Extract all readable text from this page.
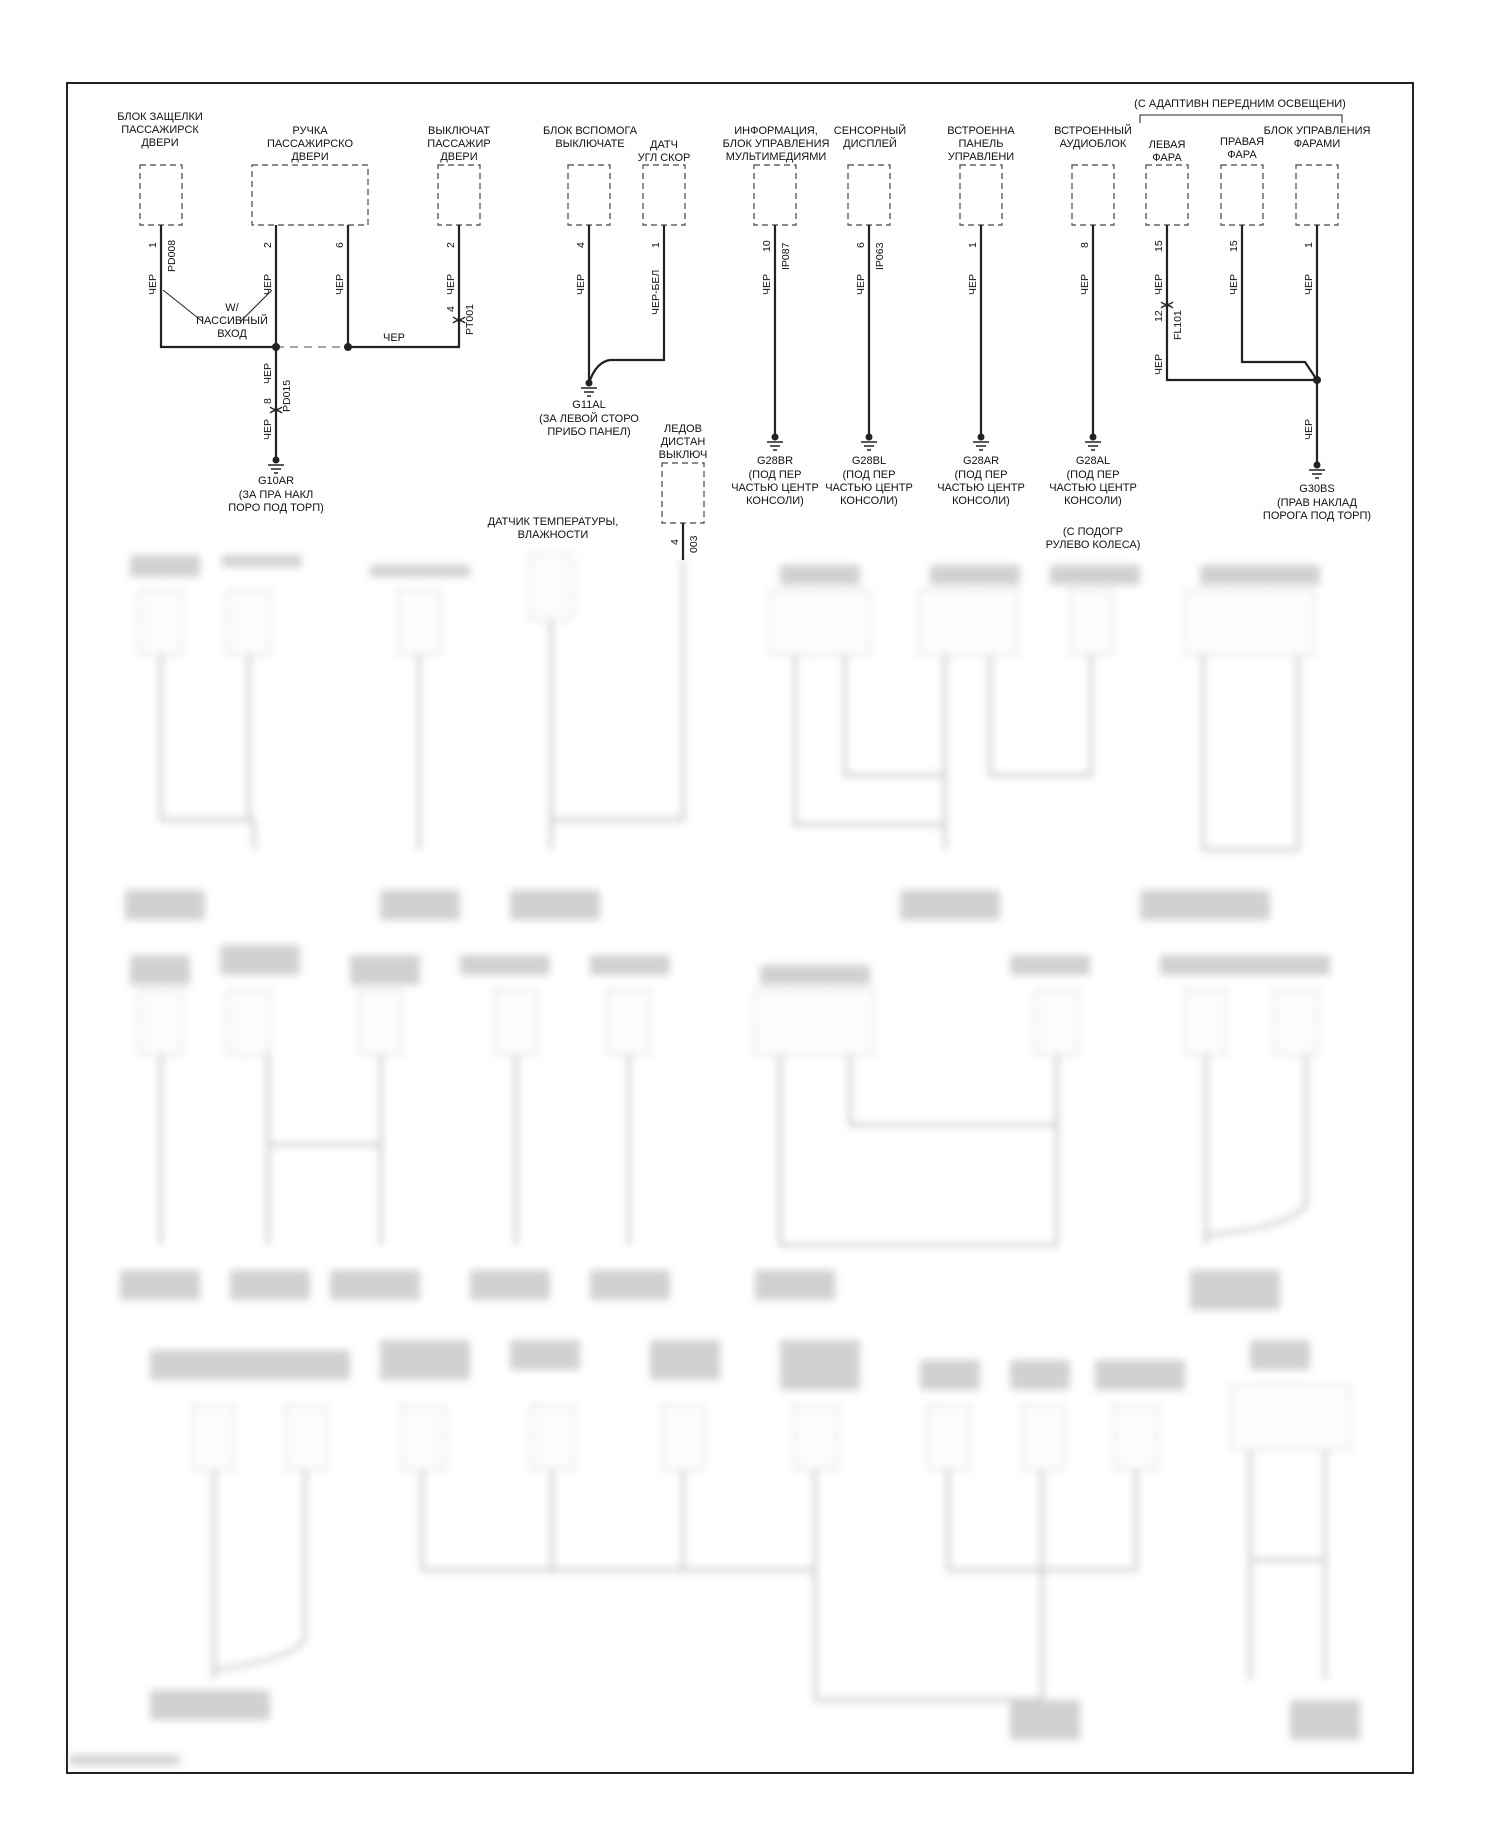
БЛОК ЗАЩЕЛКИ ПАССАЖИРСК ДВЕРИ
РУЧКА ПАССАЖИРСКО ДВЕРИ
ВЫКЛЮЧАТ ПАССАЖИР ДВЕРИ
БЛОК ВСПОМОГА ВЫКЛЮЧАТЕ	ДАТЧ УГЛ СКОР
ИНФОРМАЦИЯ, БЛОК УПРАВЛЕНИЯ МУЛЬТИМЕДИЯМИ
СЕНСОРНЫЙ ДИСПЛЕЙ
ВСТРОЕННА ПАНЕЛЬ УПРАВЛЕНИ
ВСТРОЕННЫЙ АУДИОБЛОК
(С АДАПТИВН ПЕРЕДНИМ ОСВЕЩЕНИ)
ЛЕВАЯ ФАРА
ПРАВАЯ ФАРА
БЛОК УПРАВЛЕНИЯ ФАРАМИ
ЛЕДОВ ДИСТАН ВЫКЛЮЧ
ДАТЧИК ТЕМПЕРАТУРЫ, ВЛАЖНОСТИ	(С ПОДОГР РУЛЕВО КОЛЕСА)
1 PD008
ЧЕР
W/ ПАССИВНЫЙ ВХОД
2
ЧЕР
6
ЧЕР
ЧЕР
2
ЧЕР
4 PT001
8
ЧЕР
PD015
ЧЕР
4
ЧЕР
1
ЧЕР-БЕЛ
10 IP087
ЧЕР
6 IP063
ЧЕР
1
ЧЕР
8
ЧЕР
15
ЧЕР
12 FL101
ЧЕР
15
ЧЕР
1
ЧЕР
ЧЕР
4 003
G10AR
(ЗА ПРА НАКЛ ПОРО ПОД ТОРП)
G11AL
(ЗА ЛЕВОЙ СТОРО ПРИБО ПАНЕЛ)
G28BR
(ПОД ПЕР ЧАСТЬЮ ЦЕНТР КОНСОЛИ)
G28BL
(ПОД ПЕР ЧАСТЬЮ ЦЕНТР КОНСОЛИ)
G28AR
(ПОД ПЕР ЧАСТЬЮ ЦЕНТР КОНСОЛИ)
G28AL
(ПОД ПЕР ЧАСТЬЮ ЦЕНТР КОНСОЛИ)
G30BS
(ПРАВ НАКЛАД ПОРОГА ПОД ТОРП)
